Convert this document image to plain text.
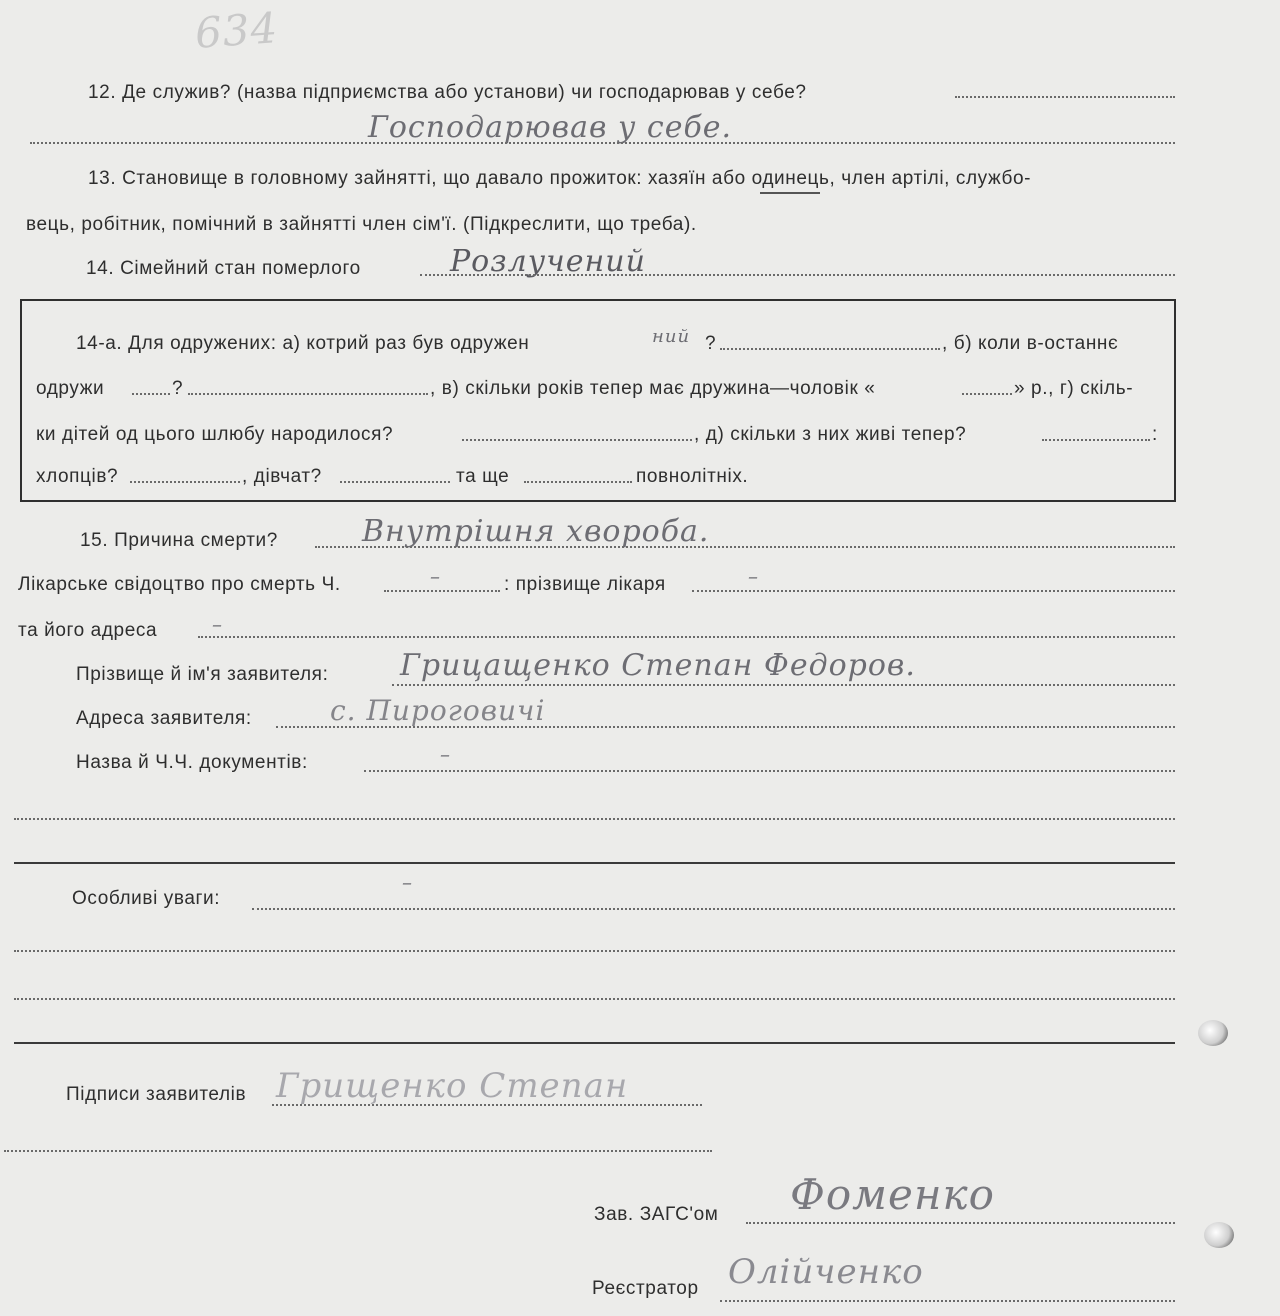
634
12. Де служив? (назва підприємства або установи) чи господарював у себе?
Господарював у себе.
13. Становище в головному зайнятті, що давало прожиток: хазяїн або одинець, член артілі, службо-
вець, робітник, помічний в зайнятті член сім'ї. (Підкреслити, що треба).
14. Сімейний стан померлого	Розлучений
14-а. Для одружених: а) котрий раз був одружен	ний ?	, б) коли в-останнє
одружи	?	, в) скільки років тепер має дружина—чоловік «	» р., г) скіль-
ки дітей од цього шлюбу народилося?	, д) скільки з них живі тепер?	:
хлопців?	, дівчат?	та ще	повнолітніх.
15. Причина смерти?	Внутрішня хвороба.
Лікарське свідоцтво про смерть Ч.	–	: прізвище лікаря	–
та його адреса	–
Прізвище й ім'я заявителя: Грицащенко Степан Федоров.
Адреса заявителя:	с. Пироговичі
Назва й Ч.Ч. документів:	–
Особливі уваги:
–
Підписи заявителів Грищенко Степан
Зав. ЗАГС'ом Фоменко
Реєстратор Олійченко
